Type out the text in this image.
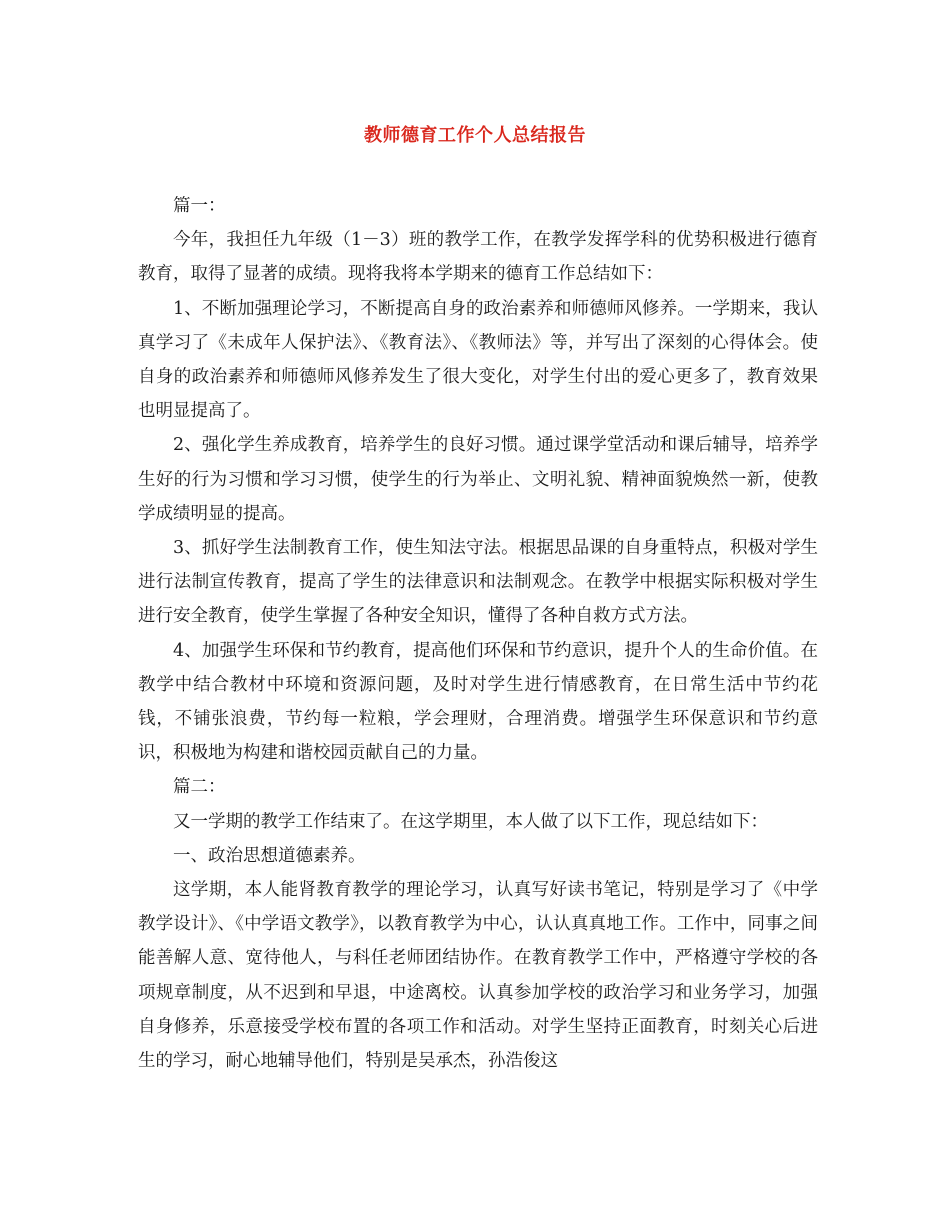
教师德育工作个人总结报告

篇一：

今年，我担任九年级（1－3）班的教学工作，在教学发挥学科的优势积极进行德育教育，取得了显著的成绩。现将我将本学期来的德育工作总结如下：

1、不断加强理论学习，不断提高自身的政治素养和师德师风修养。一学期来，我认真学习了《未成年人保护法》、《教育法》、《教师法》等，并写出了深刻的心得体会。使自身的政治素养和师德师风修养发生了很大变化，对学生付出的爱心更多了，教育效果也明显提高了。

2、强化学生养成教育，培养学生的良好习惯。通过课学堂活动和课后辅导，培养学生好的行为习惯和学习习惯，使学生的行为举止、文明礼貌、精神面貌焕然一新，使教学成绩明显的提高。

3、抓好学生法制教育工作，使生知法守法。根据思品课的自身重特点，积极对学生进行法制宣传教育，提高了学生的法律意识和法制观念。在教学中根据实际积极对学生进行安全教育，使学生掌握了各种安全知识，懂得了各种自救方式方法。

4、加强学生环保和节约教育，提高他们环保和节约意识，提升个人的生命价值。在教学中结合教材中环境和资源问题，及时对学生进行情感教育，在日常生活中节约花钱，不铺张浪费，节约每一粒粮，学会理财，合理消费。增强学生环保意识和节约意识，积极地为构建和谐校园贡献自己的力量。

篇二：

又一学期的教学工作结束了。在这学期里，本人做了以下工作，现总结如下：

一、政治思想道德素养。

这学期，本人能肾教育教学的理论学习，认真写好读书笔记，特别是学习了《中学教学设计》、《中学语文教学》，以教育教学为中心，认认真真地工作。工作中，同事之间能善解人意、宽待他人，与科任老师团结协作。在教育教学工作中，严格遵守学校的各项规章制度，从不迟到和早退，中途离校。认真参加学校的政治学习和业务学习，加强自身修养，乐意接受学校布置的各项工作和活动。对学生坚持正面教育，时刻关心后进生的学习，耐心地辅导他们，特别是吴承杰，孙浩俊这
